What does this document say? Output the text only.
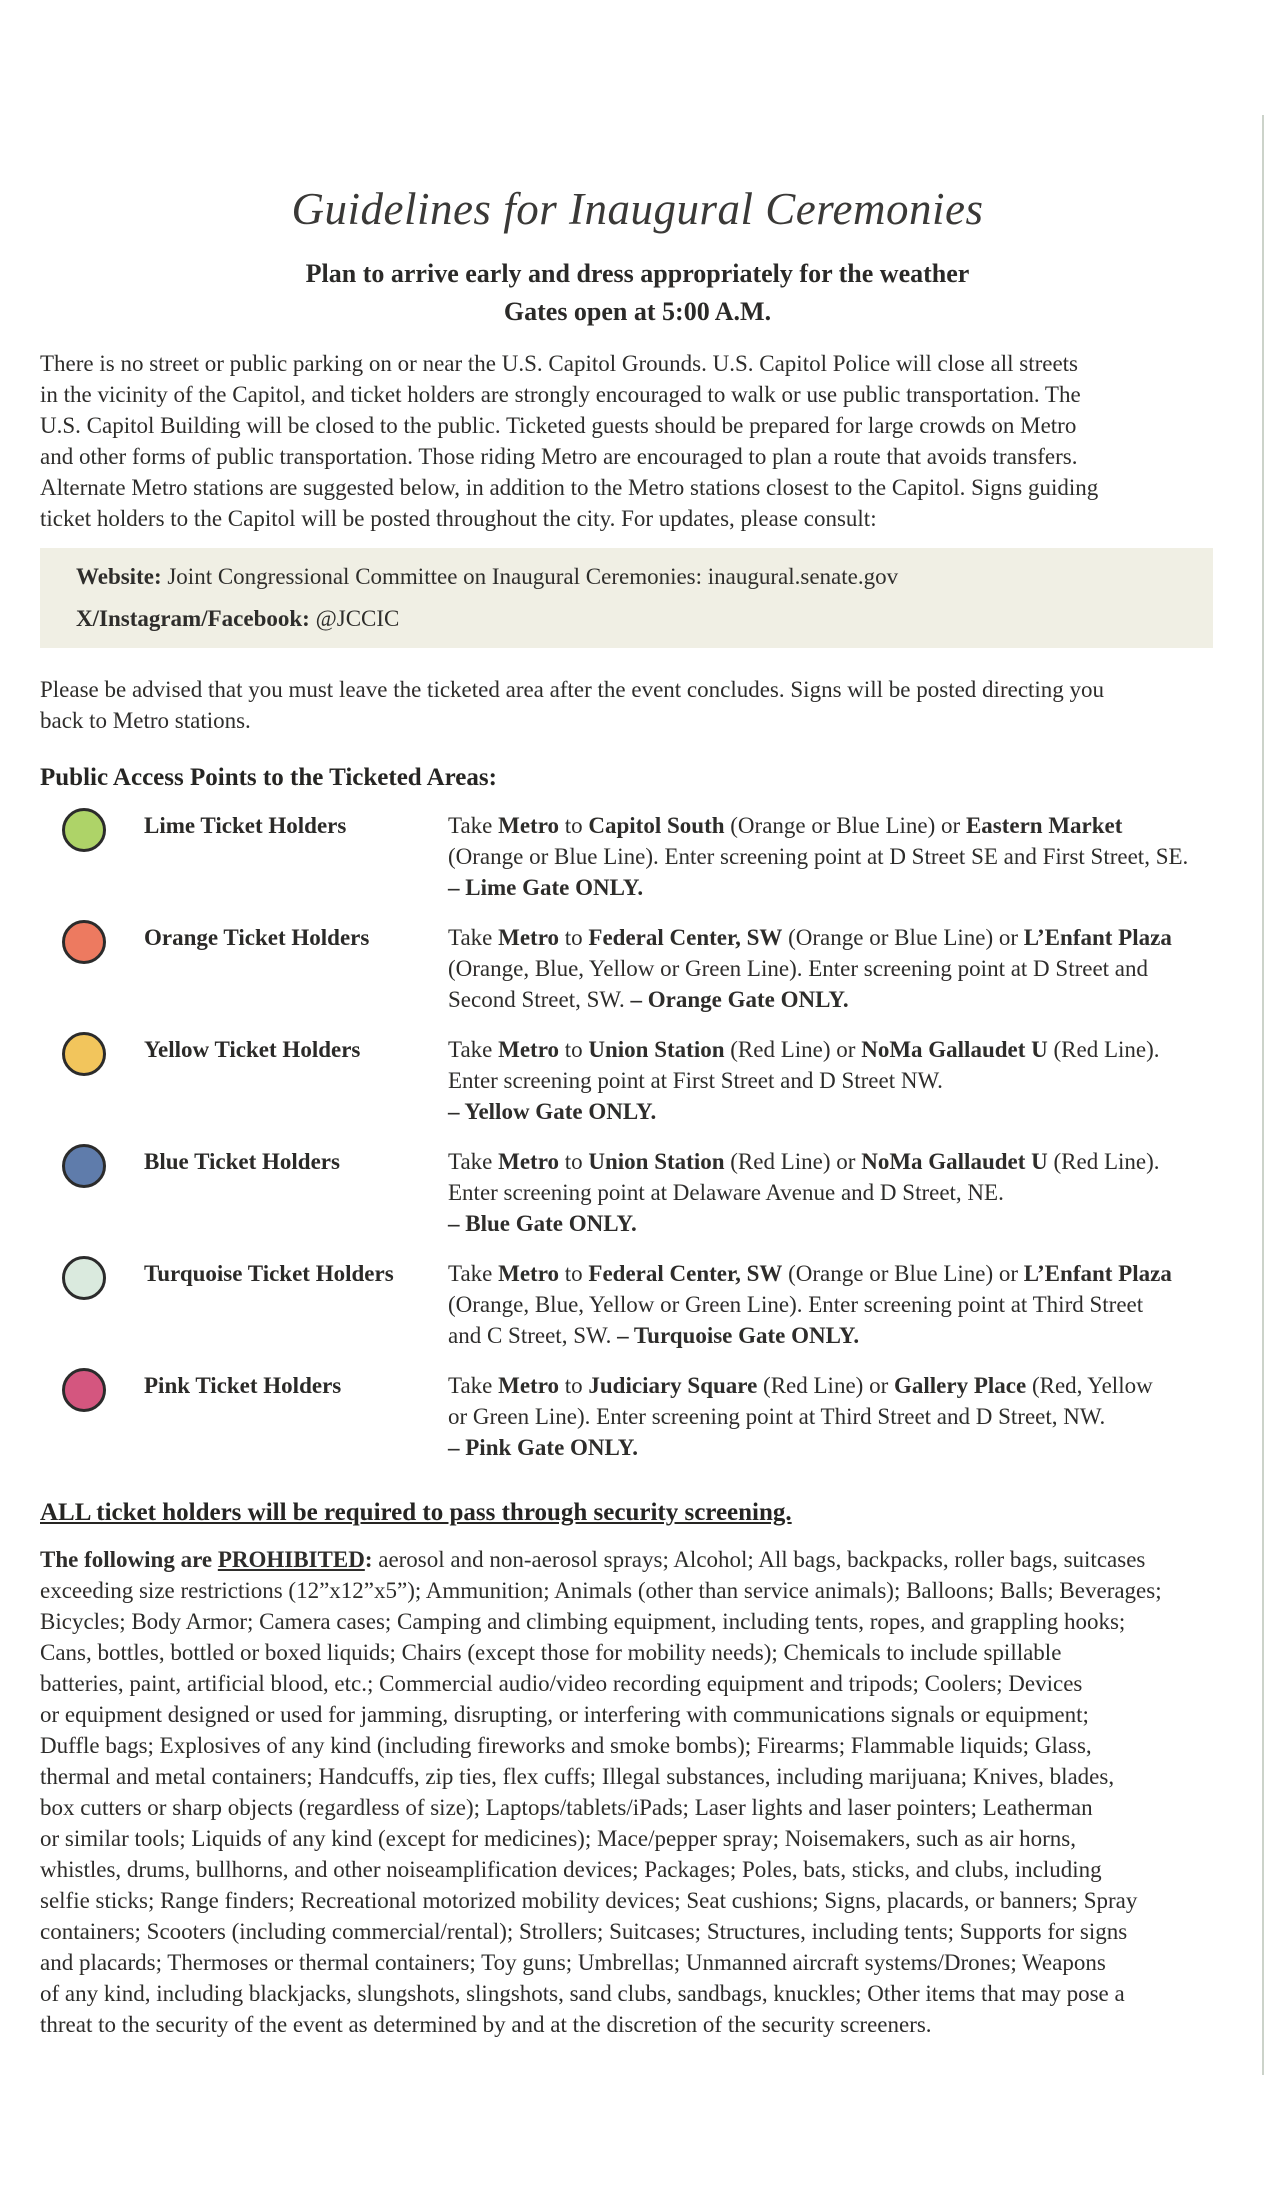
Guidelines for Inaugural Ceremonies

Plan to arrive early and dress appropriately for the weather

Gates open at 5:00 A.M.

There is no street or public parking on or near the U.S. Capitol Grounds. U.S. Capitol Police will close all streets
in the vicinity of the Capitol, and ticket holders are strongly encouraged to walk or use public transportation. The
U.S. Capitol Building will be closed to the public. Ticketed guests should be prepared for large crowds on Metro
and other forms of public transportation. Those riding Metro are encouraged to plan a route that avoids transfers.
Alternate Metro stations are suggested below, in addition to the Metro stations closest to the Capitol. Signs guiding
ticket holders to the Capitol will be posted throughout the city. For updates, please consult:

Website: Joint Congressional Committee on Inaugural Ceremonies: inaugural.senate.gov

X/Instagram/Facebook: @JCCIC

Please be advised that you must leave the ticketed area after the event concludes. Signs will be posted directing you
back to Metro stations.

Public Access Points to the Ticketed Areas:
Lime Ticket Holders	Take Metro to Capitol South (Orange or Blue Line) or Eastern Market
(Orange or Blue Line). Enter screening point at D Street SE and First Street, SE.
– Lime Gate ONLY.
Orange Ticket Holders	Take Metro to Federal Center, SW (Orange or Blue Line) or L’Enfant Plaza
(Orange, Blue, Yellow or Green Line). Enter screening point at D Street and
Second Street, SW. – Orange Gate ONLY.
Yellow Ticket Holders	Take Metro to Union Station (Red Line) or NoMa Gallaudet U (Red Line).
Enter screening point at First Street and D Street NW.
– Yellow Gate ONLY.
Blue Ticket Holders	Take Metro to Union Station (Red Line) or NoMa Gallaudet U (Red Line).
Enter screening point at Delaware Avenue and D Street, NE.
– Blue Gate ONLY.
Turquoise Ticket Holders	Take Metro to Federal Center, SW (Orange or Blue Line) or L’Enfant Plaza
(Orange, Blue, Yellow or Green Line). Enter screening point at Third Street
and C Street, SW. – Turquoise Gate ONLY.
Pink Ticket Holders	Take Metro to Judiciary Square (Red Line) or Gallery Place (Red, Yellow
or Green Line). Enter screening point at Third Street and D Street, NW.
– Pink Gate ONLY.
ALL ticket holders will be required to pass through security screening.

The following are PROHIBITED: aerosol and non-aerosol sprays; Alcohol; All bags, backpacks, roller bags, suitcases
exceeding size restrictions (12”x12”x5”); Ammunition; Animals (other than service animals); Balloons; Balls; Beverages;
Bicycles; Body Armor; Camera cases; Camping and climbing equipment, including tents, ropes, and grappling hooks;
Cans, bottles, bottled or boxed liquids; Chairs (except those for mobility needs); Chemicals to include spillable
batteries, paint, artificial blood, etc.; Commercial audio/video recording equipment and tripods; Coolers; Devices
or equipment designed or used for jamming, disrupting, or interfering with communications signals or equipment;
Duffle bags; Explosives of any kind (including fireworks and smoke bombs); Firearms; Flammable liquids; Glass,
thermal and metal containers; Handcuffs, zip ties, flex cuffs; Illegal substances, including marijuana; Knives, blades,
box cutters or sharp objects (regardless of size); Laptops/tablets/iPads; Laser lights and laser pointers; Leatherman
or similar tools; Liquids of any kind (except for medicines); Mace/pepper spray; Noisemakers, such as air horns,
whistles, drums, bullhorns, and other noiseamplification devices; Packages; Poles, bats, sticks, and clubs, including
selfie sticks; Range finders; Recreational motorized mobility devices; Seat cushions; Signs, placards, or banners; Spray
containers; Scooters (including commercial/rental); Strollers; Suitcases; Structures, including tents; Supports for signs
and placards; Thermoses or thermal containers; Toy guns; Umbrellas; Unmanned aircraft systems/Drones; Weapons
of any kind, including blackjacks, slungshots, slingshots, sand clubs, sandbags, knuckles; Other items that may pose a
threat to the security of the event as determined by and at the discretion of the security screeners.
